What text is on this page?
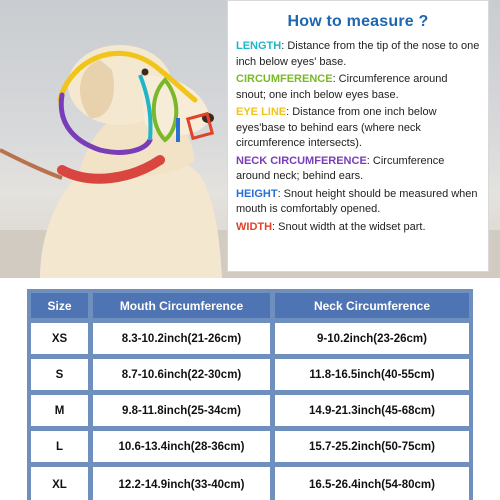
How to measure ?

LENGTH: Distance from the tip of the nose to one inch below eyes' base.

CIRCUMFERENCE: Circumference around snout; one inch below eyes base.

EYE LINE: Distance from one inch below eyes'base to behind ears (where neck circumference intersects).

NECK CIRCUMFERENCE: Circumference around neck; behind ears.

HEIGHT: Snout height should be measured when mouth is comfortably opened.

WIDTH: Snout width at the widset part.

Size	Mouth Circumference	Neck Circumference
XS	8.3-10.2inch(21-26cm)	9-10.2inch(23-26cm)
S	8.7-10.6inch(22-30cm)	11.8-16.5inch(40-55cm)
M	9.8-11.8inch(25-34cm)	14.9-21.3inch(45-68cm)
L	10.6-13.4inch(28-36cm)	15.7-25.2inch(50-75cm)
XL	12.2-14.9inch(33-40cm)	16.5-26.4inch(54-80cm)
